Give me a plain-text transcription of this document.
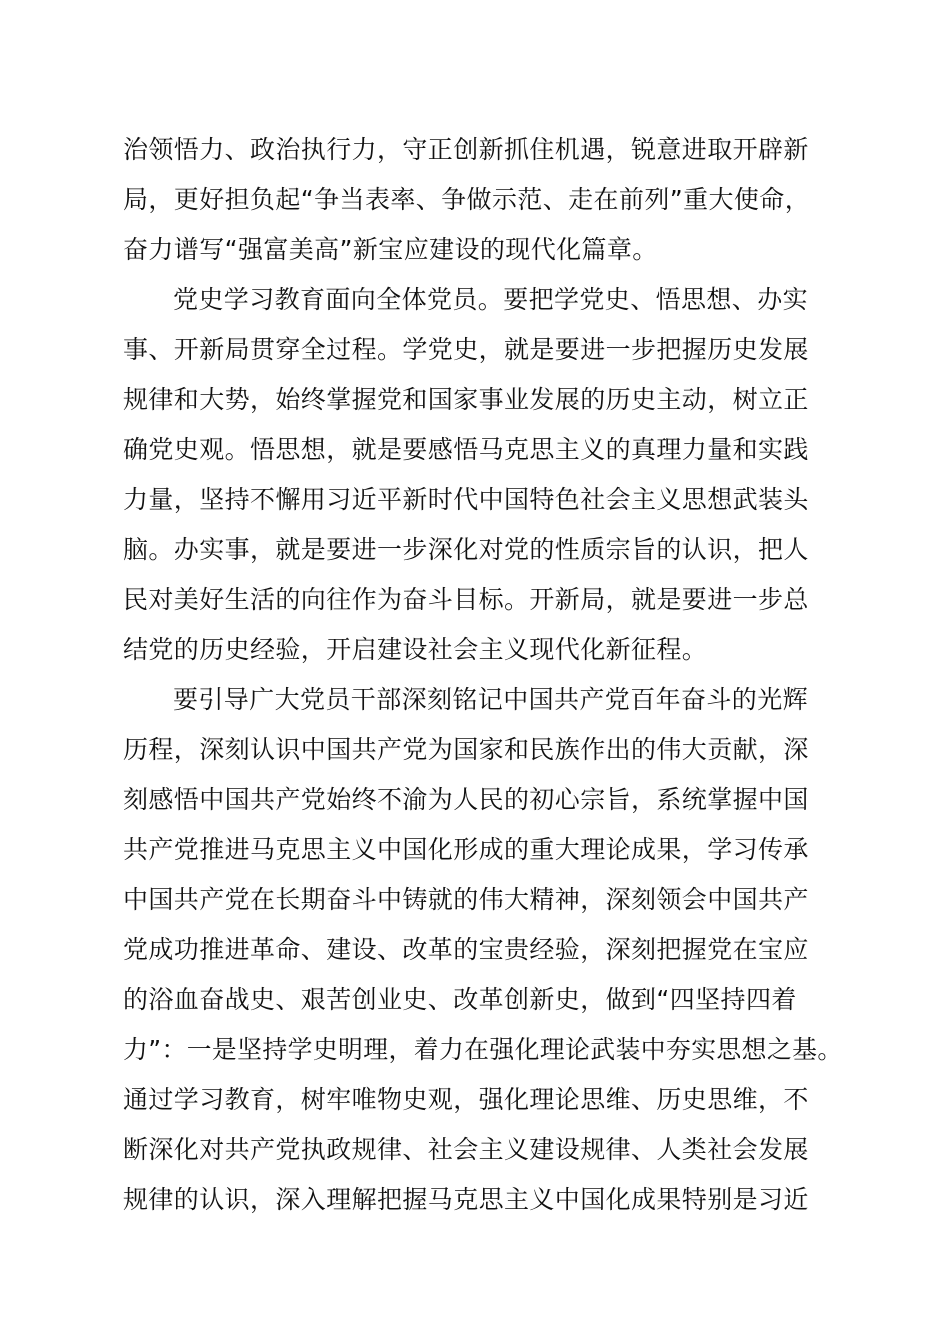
治领悟力、政治执行力，守正创新抓住机遇，锐意进取开辟新
局，更好担负起“争当表率、争做示范、走在前列”重大使命，
奋力谱写“强富美高”新宝应建设的现代化篇章。
党史学习教育面向全体党员。要把学党史、悟思想、办实
事、开新局贯穿全过程。学党史，就是要进一步把握历史发展
规律和大势，始终掌握党和国家事业发展的历史主动，树立正
确党史观。悟思想，就是要感悟马克思主义的真理力量和实践
力量，坚持不懈用习近平新时代中国特色社会主义思想武装头
脑。办实事，就是要进一步深化对党的性质宗旨的认识，把人
民对美好生活的向往作为奋斗目标。开新局，就是要进一步总
结党的历史经验，开启建设社会主义现代化新征程。
要引导广大党员干部深刻铭记中国共产党百年奋斗的光辉
历程，深刻认识中国共产党为国家和民族作出的伟大贡献，深
刻感悟中国共产党始终不渝为人民的初心宗旨，系统掌握中国
共产党推进马克思主义中国化形成的重大理论成果，学习传承
中国共产党在长期奋斗中铸就的伟大精神，深刻领会中国共产
党成功推进革命、建设、改革的宝贵经验，深刻把握党在宝应
的浴血奋战史、艰苦创业史、改革创新史，做到“四坚持四着
力”：一是坚持学史明理，着力在强化理论武装中夯实思想之基。
通过学习教育，树牢唯物史观，强化理论思维、历史思维，不
断深化对共产党执政规律、社会主义建设规律、人类社会发展
规律的认识，深入理解把握马克思主义中国化成果特别是习近
